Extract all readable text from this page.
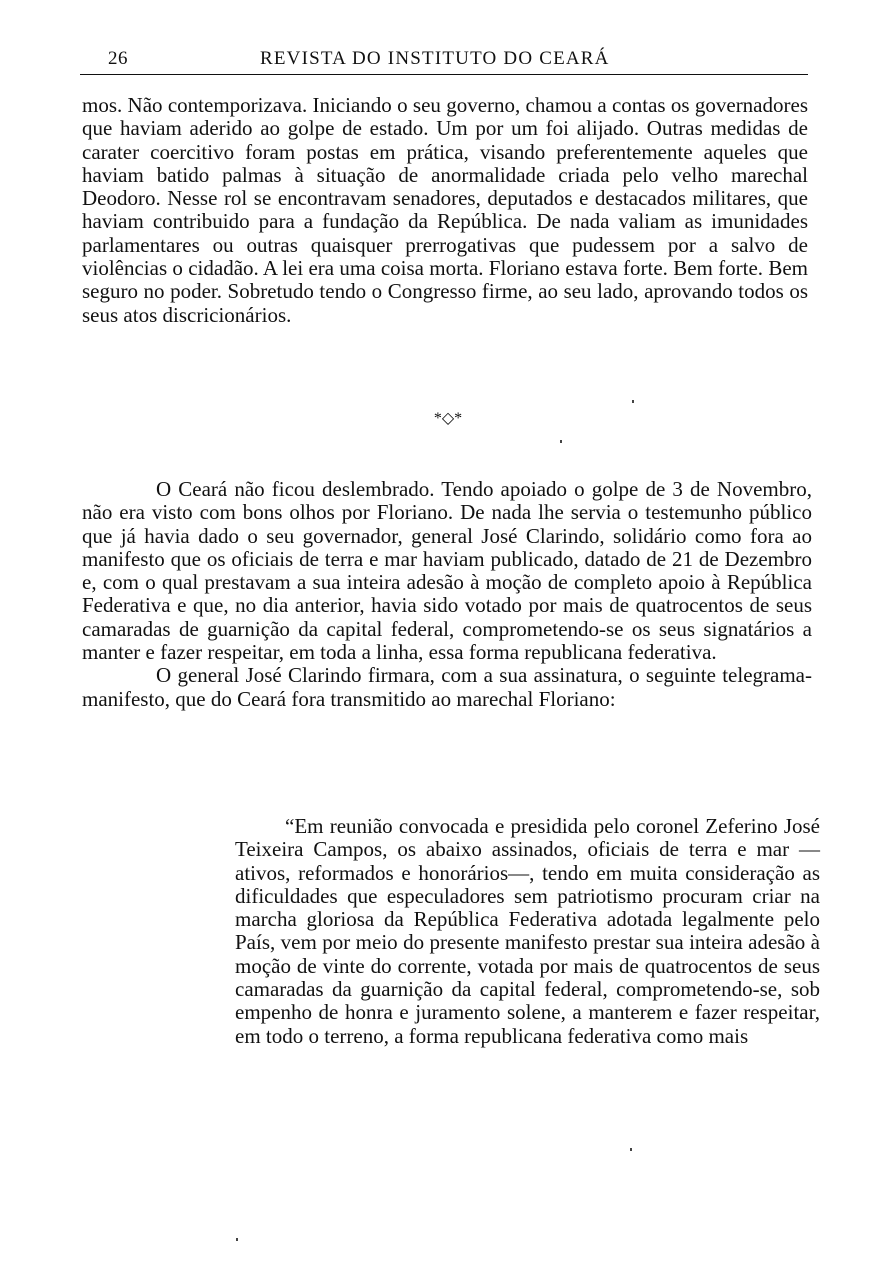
26	REVISTA DO INSTITUTO DO CEARÁ

mos. Não contemporizava. Iniciando o seu governo, chamou a contas os governadores que haviam aderido ao golpe de estado. Um por um foi alijado. Outras medidas de carater coercitivo foram postas em prática, visando preferentemente aqueles que haviam batido palmas à situação de anormalidade criada pelo velho marechal Deodoro. Nesse rol se encontravam senadores, deputados e destacados militares, que haviam contribuido para a fundação da República. De nada valiam as imunidades parlamentares ou outras quaisquer prerrogativas que pudessem por a salvo de violências o cidadão. A lei era uma coisa morta. Floriano estava forte. Bem forte. Bem seguro no poder. Sobretudo tendo o Congresso firme, ao seu lado, aprovando todos os seus atos discricionários.

*◇*

O Ceará não ficou deslembrado. Tendo apoiado o golpe de 3 de Novembro, não era visto com bons olhos por Floriano. De nada lhe servia o testemunho público que já havia dado o seu governador, general José Clarindo, solidário como fora ao manifesto que os oficiais de terra e mar haviam publicado, datado de 21 de Dezembro e, com o qual prestavam a sua inteira adesão à moção de completo apoio à República Federativa e que, no dia anterior, havia sido votado por mais de quatrocentos de seus camaradas de guarnição da capital federal, comprometendo-se os seus signatários a manter e fazer respeitar, em toda a linha, essa forma republicana federativa.

O general José Clarindo firmara, com a sua assinatura, o seguinte telegrama-manifesto, que do Ceará fora transmitido ao marechal Floriano:

“Em reunião convocada e presidida pelo coronel Zeferino José Teixeira Campos, os abaixo assinados, oficiais de terra e mar — ativos, reformados e honorários—, tendo em muita consideração as dificuldades que especuladores sem patriotismo procuram criar na marcha gloriosa da República Federativa adotada legalmente pelo País, vem por meio do presente manifesto prestar sua inteira adesão à moção de vinte do corrente, votada por mais de quatrocentos de seus camaradas da guarnição da capital federal, comprometendo-se, sob empenho de honra e juramento solene, a manterem e fazer respeitar, em todo o terreno, a forma republicana federativa como mais
